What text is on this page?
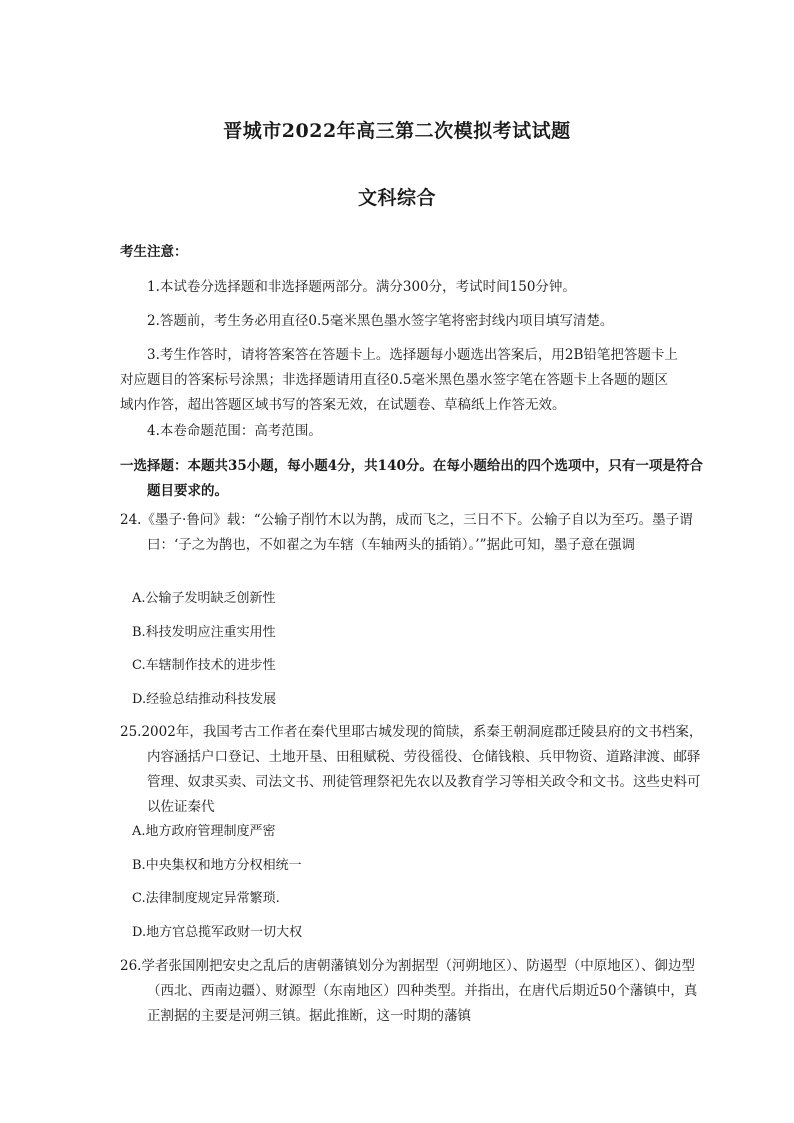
晋城市2022年高三第二次模拟考试试题
文科综合
考生注意：
1.本试卷分选择题和非选择题两部分。满分300分，考试时间150分钟。
2.答题前，考生务必用直径0.5毫米黑色墨水签字笔将密封线内项目填写清楚。
3.考生作答时，请将答案答在答题卡上。选择题每小题选出答案后，用2B铅笔把答题卡上对应题目的答案标号涂黑；非选择题请用直径0.5毫米黑色墨水签字笔在答题卡上各题的题区域内作答，超出答题区域书写的答案无效，在试题卷、草稿纸上作答无效。
4.本卷命题范围：高考范围。
一选择题：本题共35小题，每小题4分，共140分。在每小题给出的四个选项中，只有一项是符合题目要求的。
24.《墨子·鲁问》载：“公输子削竹木以为鹊，成而飞之，三日不下。公输子自以为至巧。墨子谓曰：‘子之为鹊也，不如翟之为车辖（车轴两头的插销）。’”据此可知，墨子意在强调
A.公输子发明缺乏创新性
B.科技发明应注重实用性
C.车辖制作技术的进步性
D.经验总结推动科技发展
25.2002年，我国考古工作者在秦代里耶古城发现的简牍，系秦王朝洞庭郡迁陵县府的文书档案，内容涵括户口登记、土地开垦、田租赋税、劳役徭役、仓储钱粮、兵甲物资、道路津渡、邮驿管理、奴隶买卖、司法文书、刑徒管理祭祀先农以及教育学习等相关政令和文书。这些史料可以佐证秦代
A.地方政府管理制度严密
B.中央集权和地方分权相统一
C.法律制度规定异常繁琐.
D.地方官总揽军政财一切大权
26.学者张国刚把安史之乱后的唐朝藩镇划分为割据型（河朔地区）、防遏型（中原地区）、御边型（西北、西南边疆）、财源型（东南地区）四种类型。并指出，在唐代后期近50个藩镇中，真正割据的主要是河朔三镇。据此推断，这一时期的藩镇
